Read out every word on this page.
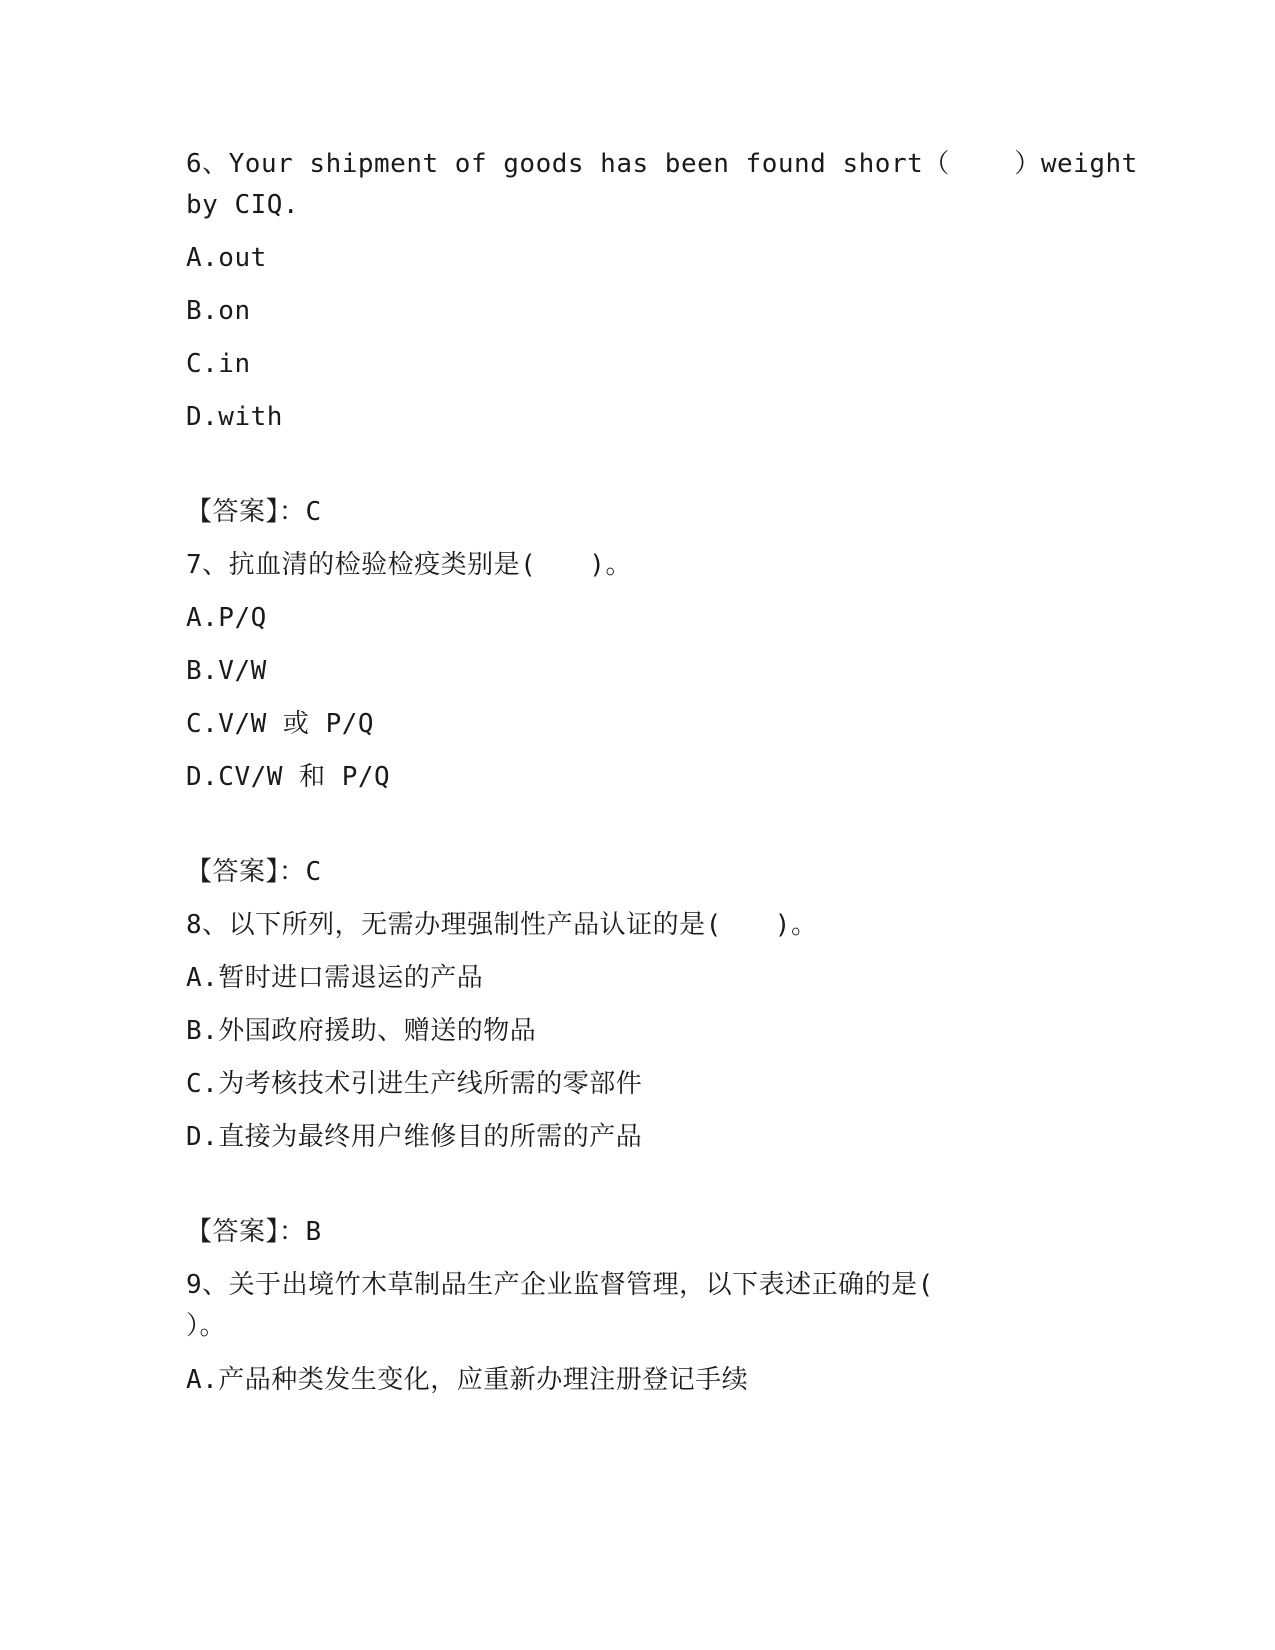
6、Your shipment of goods has been found short（    ）weight
by CIQ.
A.out
B.on
C.in
D.with
【答案】：C
7、抗血清的检验检疫类别是(　　)。
A.P/Q
B.V/W
C.V/W 或 P/Q
D.CV/W 和 P/Q
【答案】：C
8、以下所列，无需办理强制性产品认证的是(　　)。
A.暂时进口需退运的产品
B.外国政府援助、赠送的物品
C.为考核技术引进生产线所需的零部件
D.直接为最终用户维修目的所需的产品
【答案】：B
9、关于出境竹木草制品生产企业监督管理，以下表述正确的是(
）。
A.产品种类发生变化，应重新办理注册登记手续
